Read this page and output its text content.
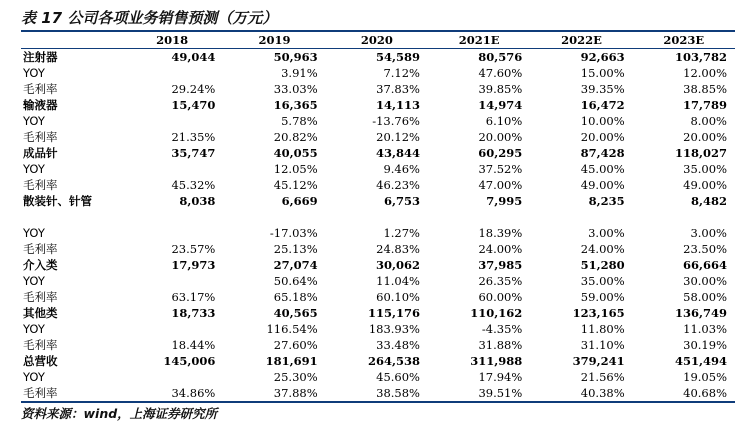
表 17 公司各项业务销售预测（万元）
	2018	2019	2020	2021E	2022E	2023E
注射器	49,044	50,963	54,589	80,576	92,663	103,782
YOY		3.91%	7.12%	47.60%	15.00%	12.00%
毛利率	29.24%	33.03%	37.83%	39.85%	39.35%	38.85%
输液器	15,470	16,365	14,113	14,974	16,472	17,789
YOY		5.78%	-13.76%	6.10%	10.00%	8.00%
毛利率	21.35%	20.82%	20.12%	20.00%	20.00%	20.00%
成品针	35,747	40,055	43,844	60,295	87,428	118,027
YOY		12.05%	9.46%	37.52%	45.00%	35.00%
毛利率	45.32%	45.12%	46.23%	47.00%	49.00%	49.00%
散装针、针管	8,038	6,669	6,753	7,995	8,235	8,482
YOY		-17.03%	1.27%	18.39%	3.00%	3.00%
毛利率	23.57%	25.13%	24.83%	24.00%	24.00%	23.50%
介入类	17,973	27,074	30,062	37,985	51,280	66,664
YOY		50.64%	11.04%	26.35%	35.00%	30.00%
毛利率	63.17%	65.18%	60.10%	60.00%	59.00%	58.00%
其他类	18,733	40,565	115,176	110,162	123,165	136,749
YOY		116.54%	183.93%	-4.35%	11.80%	11.03%
毛利率	18.44%	27.60%	33.48%	31.88%	31.10%	30.19%
总营收	145,006	181,691	264,538	311,988	379,241	451,494
YOY		25.30%	45.60%	17.94%	21.56%	19.05%
毛利率	34.86%	37.88%	38.58%	39.51%	40.38%	40.68%
资料来源：wind，上海证券研究所
